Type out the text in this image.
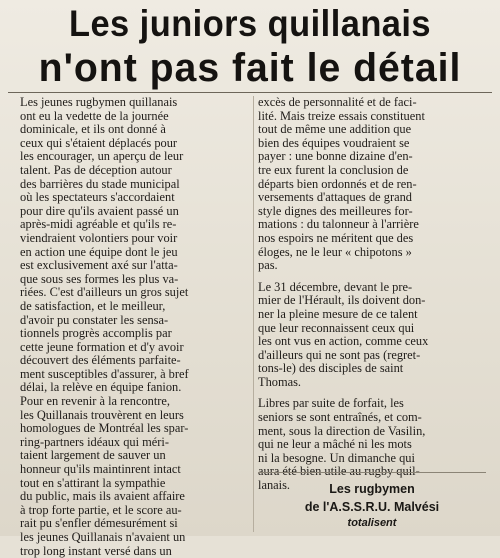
Les juniors quillanais
n'ont pas fait le détail
Les jeunes rugbymen quillanais
ont eu la vedette de la journée
dominicale, et ils ont donné à
ceux qui s'étaient déplacés pour
les encourager, un aperçu de leur
talent. Pas de déception autour
des barrières du stade municipal
où les spectateurs s'accordaient
pour dire qu'ils avaient passé un
après-midi agréable et qu'ils re-
viendraient volontiers pour voir
en action une équipe dont le jeu
est exclusivement axé sur l'atta-
que sous ses formes les plus va-
riées. C'est d'ailleurs un gros sujet
de satisfaction, et le meilleur,
d'avoir pu constater les sensa-
tionnels progrès accomplis par
cette jeune formation et d'y avoir
découvert des éléments parfaite-
ment susceptibles d'assurer, à bref
délai, la relève en équipe fanion.
Pour en revenir à la rencontre,
les Quillanais trouvèrent en leurs
homologues de Montréal les spar-
ring-partners idéaux qui méri-
taient largement de sauver un
honneur qu'ils maintinrent intact
tout en s'attirant la sympathie
du public, mais ils avaient affaire
à trop forte partie, et le score au-
rait pu s'enfler démesurément si
les jeunes Quillanais n'avaient un
trop long instant versé dans un
excès de personnalité et de faci-
lité. Mais treize essais constituent
tout de même une addition que
bien des équipes voudraient se
payer : une bonne dizaine d'en-
tre eux furent la conclusion de
départs bien ordonnés et de ren-
versements d'attaques de grand
style dignes des meilleures for-
mations : du talonneur à l'arrière
nos espoirs ne méritent que des
éloges, ne le leur « chipotons »
pas.
Le 31 décembre, devant le pre-
mier de l'Hérault, ils doivent don-
ner la pleine mesure de ce talent
que leur reconnaissent ceux qui
les ont vus en action, comme ceux
d'ailleurs qui ne sont pas (regret-
tons-le) des disciples de saint
Thomas.
Libres par suite de forfait, les
seniors se sont entraînés, et com-
ment, sous la direction de Vasilin,
qui ne leur a mâché ni les mots
ni la besogne. Un dimanche qui
aura été bien utile au rugby quil-
lanais.	Les rugbymen
de l'A.S.S.R.U. Malvési
totalisent
